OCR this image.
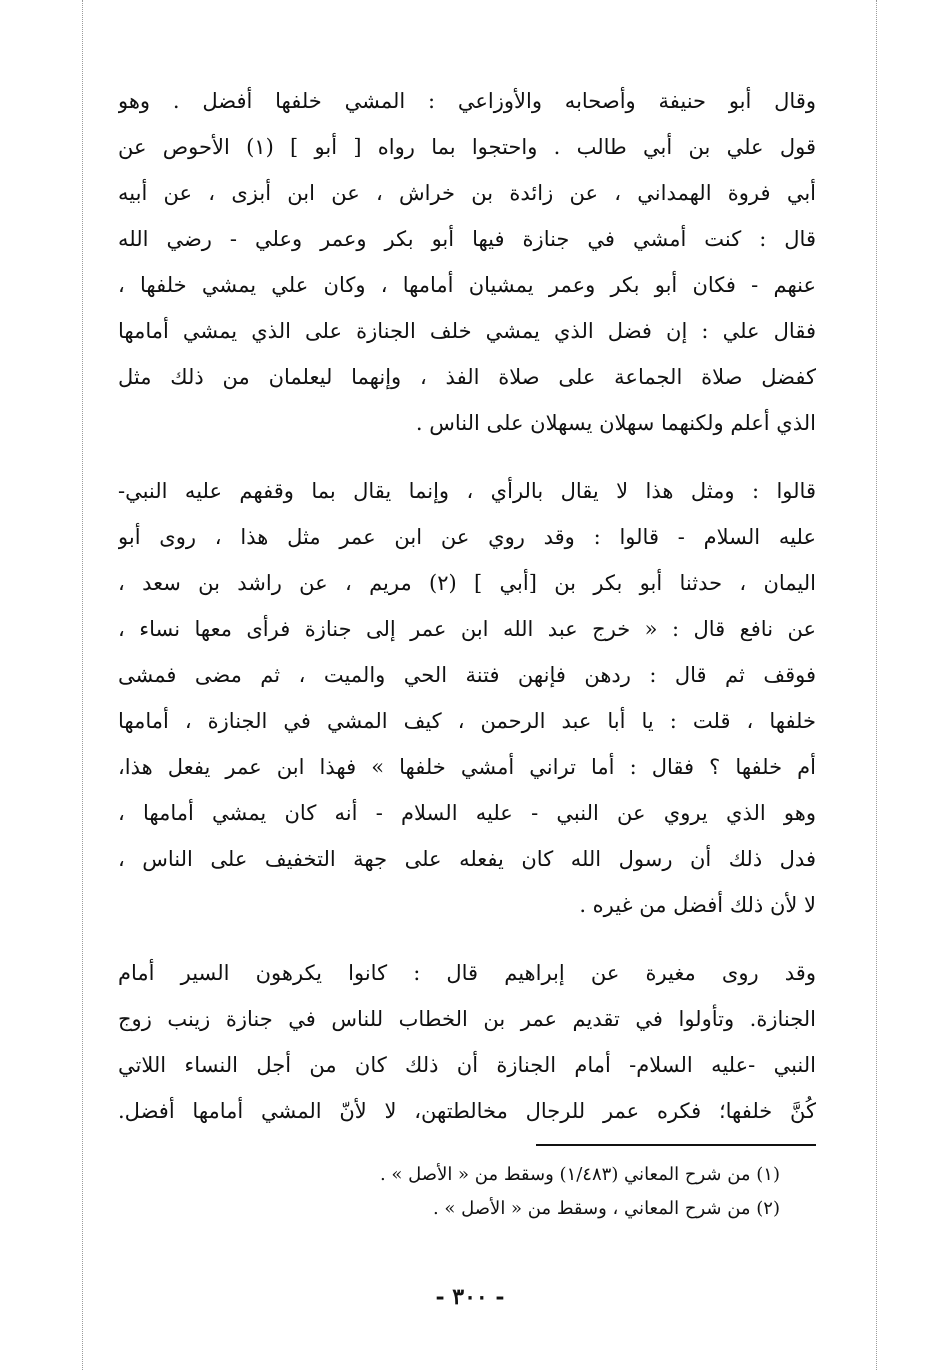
وقال أبو حنيفة وأصحابه والأوزاعي : المشي خلفها أفضل . وهو
قول علي بن أبي طالب . واحتجوا بما رواه [ أبو ] (١) الأحوص عن
أبي فروة الهمداني ، عن زائدة بن خراش ، عن ابن أبزى ، عن أبيه
قال : كنت أمشي في جنازة فيها أبو بكر وعمر وعلي - رضي الله
عنهم - فكان أبو بكر وعمر يمشيان أمامها ، وكان علي يمشي خلفها ،
فقال علي : إن فضل الذي يمشي خلف الجنازة على الذي يمشي أمامها
كفضل صلاة الجماعة على صلاة الفذ ، وإنهما ليعلمان من ذلك مثل
الذي أعلم ولكنهما سهلان يسهلان على الناس .
قالوا : ومثل هذا لا يقال بالرأي ، وإنما يقال بما وقفهم عليه النبي-
عليه السلام - قالوا : وقد روي عن ابن عمر مثل هذا ، روى أبو
اليمان ، حدثنا أبو بكر بن [أبي ] (٢) مريم ، عن راشد بن سعد ،
عن نافع قال : « خرج عبد الله ابن عمر إلى جنازة فرأى معها نساء ،
فوقف ثم قال : ردهن فإنهن فتنة الحي والميت ، ثم مضى فمشى
خلفها ، قلت : يا أبا عبد الرحمن ، كيف المشي في الجنازة ، أمامها
أم خلفها ؟ فقال : أما تراني أمشي خلفها » فهذا ابن عمر يفعل هذا،
وهو الذي يروي عن النبي - عليه السلام - أنه كان يمشي أمامها ،
فدل ذلك أن رسول الله كان يفعله على جهة التخفيف على الناس ،
لا لأن ذلك أفضل من غيره .
وقد روى مغيرة عن إبراهيم قال : كانوا يكرهون السير أمام
الجنازة. وتأولوا في تقديم عمر بن الخطاب للناس في جنازة زينب زوج
النبي -عليه السلام- أمام الجنازة أن ذلك كان من أجل النساء اللاتي
كُنَّ خلفها؛ فكره عمر للرجال مخالطتهن، لا لأنّ المشي أمامها أفضل.
(١) من شرح المعاني (١/٤٨٣) وسقط من « الأصل » .
(٢) من شرح المعاني ، وسقط من « الأصل » .
- ٣٠٠ -
